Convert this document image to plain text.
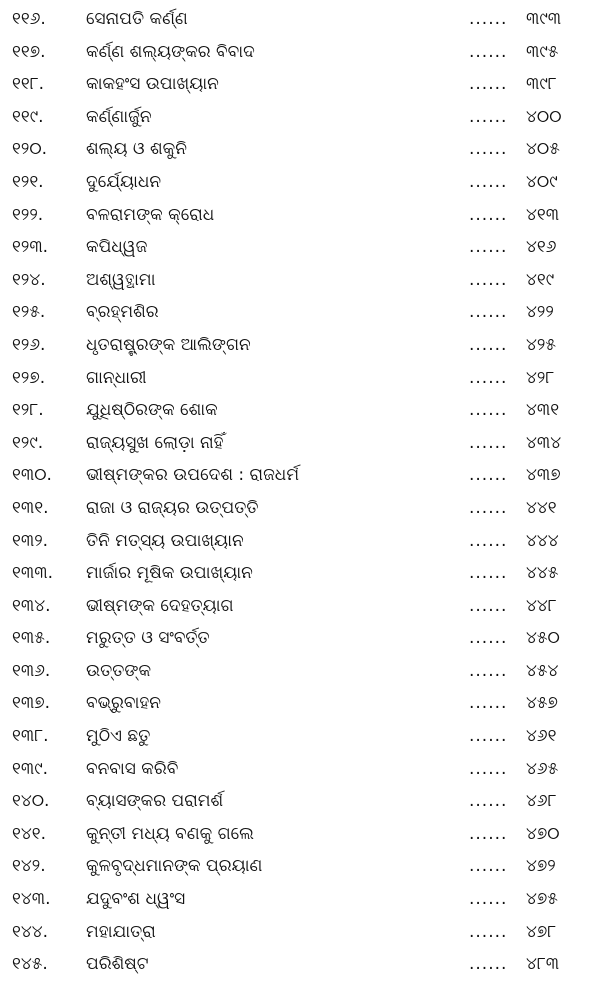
୧୧୬.	ସେନାପତି କର୍ଣ୍ଣ	...... ୩୯୩
୧୧୭.	କର୍ଣ୍ଣ ଶଲ୍ୟଙ୍କର ବିବାଦ	...... ୩୯୫
୧୧୮.	କାକହଂସ ଉପାଖ୍ୟାନ	...... ୩୯୮
୧୧୯.	କର୍ଣ୍ଣାର୍ଜୁନ	...... ୪୦୦
୧୨୦.	ଶଲ୍ୟ ଓ ଶକୁନି	...... ୪୦୫
୧୨୧.	ଦୁର୍ଯ୍ୟୋଧନ	...... ୪୦୯
୧୨୨.	ବଳରାମଙ୍କ କ୍ରୋଧ	...... ୪୧୩
୧୨୩.	କପିଧ୍ୱଜ	...... ୪୧୬
୧୨୪.	ଅଶ୍ୱତ୍ଥାମା	...... ୪୧୯
୧୨୫.	ବ୍ରହ୍ମଶିର	...... ୪୨୨
୧୨୬.	ଧୃତରାଷ୍ଟ୍ରଙ୍କ ଆଲିଙ୍ଗନ	...... ୪୨୫
୧୨୭.	ଗାନ୍ଧାରୀ	...... ୪୨୮
୧୨୮.	ଯୁଧିଷ୍ଠିରଙ୍କ ଶୋକ	...... ୪୩୧
୧୨୯.	ରାଜ୍ୟସୁଖ ଲୋଡ଼ା ନାହିଁ	...... ୪୩୪
୧୩୦.	ଭୀଷ୍ମଙ୍କର ଉପଦେଶ : ରାଜଧର୍ମ	...... ୪୩୭
୧୩୧.	ରାଜା ଓ ରାଜ୍ୟର ଉତ୍ପତ୍ତି	...... ୪୪୧
୧୩୨.	ତିନି ମତ୍ସ୍ୟ ଉପାଖ୍ୟାନ	...... ୪୪୪
୧୩୩.	ମାର୍ଜାର ମୂଷିକ ଉପାଖ୍ୟାନ	...... ୪୪୫
୧୩୪.	ଭୀଷ୍ମଙ୍କ ଦେହତ୍ୟାଗ	...... ୪୪୮
୧୩୫.	ମରୁତ୍ତ ଓ ସଂବର୍ତ୍ତ	...... ୪୫୦
୧୩୬.	ଉତ୍ତଙ୍କ	...... ୪୫୪
୧୩୭.	ବଭ୍ରୁବାହନ	...... ୪୫୭
୧୩୮.	ମୁଠିଏ ଛତୁ	...... ୪୬୧
୧୩୯.	ବନବାସ କରିବି	...... ୪୬୫
୧୪୦.	ବ୍ୟାସଙ୍କର ପରାମର୍ଶ	...... ୪୬୮
୧୪୧.	କୁନ୍ତୀ ମଧ୍ୟ ବଣକୁ ଗଲେ	...... ୪୭୦
୧୪୨.	କୁଳବୃଦ୍ଧମାନଙ୍କ ପ୍ରୟାଣ	...... ୪୭୨
୧୪୩.	ଯଦୁବଂଶ ଧ୍ୱଂସ	...... ୪୭୫
୧୪୪.	ମହାଯାତ୍ରା	...... ୪୭୮
୧୪୫.	ପରିଶିଷ୍ଟ	...... ୪୮୩
